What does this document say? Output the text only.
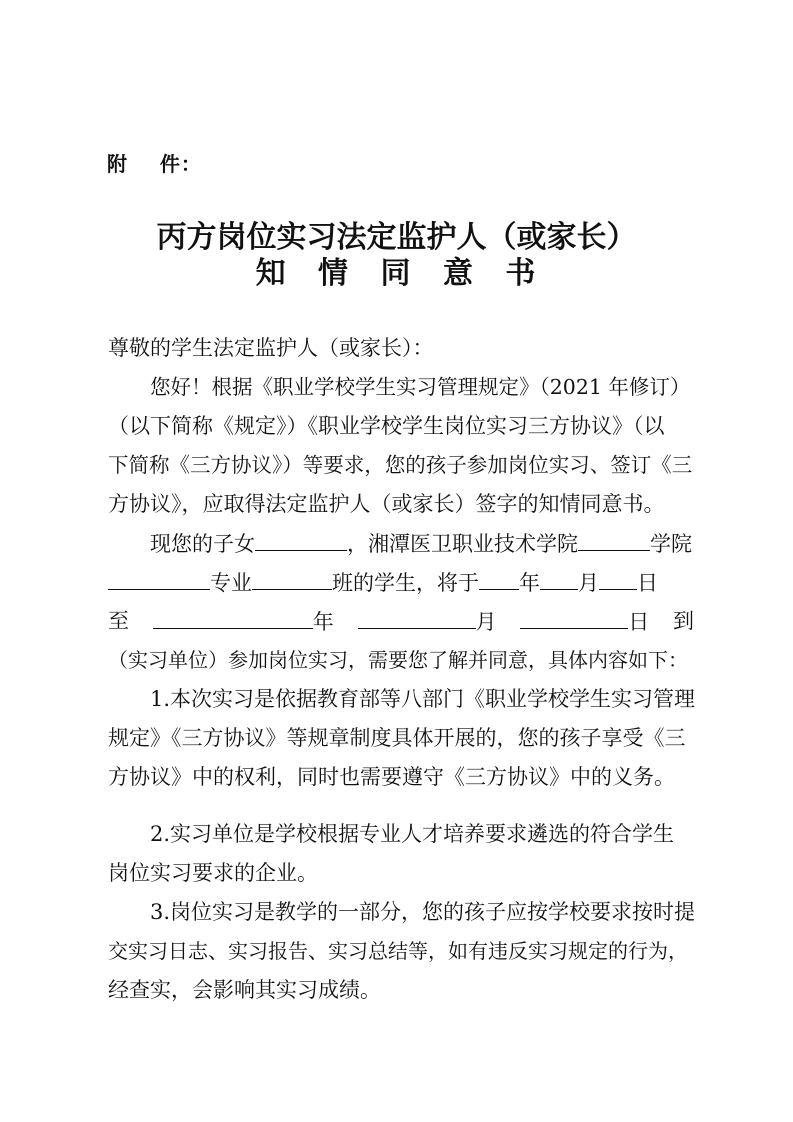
附    件：
丙方岗位实习法定监护人（或家长）
知 情 同 意 书
尊敬的学生法定监护人（或家长）：
您好！根据《职业学校学生实习管理规定》（2021 年修订）
（以下简称《规定》）《职业学校学生岗位实习三方协议》（以
下简称《三方协议》）等要求，您的孩子参加岗位实习、签订《三
方协议》，应取得法定监护人（或家长）签字的知情同意书。
现您的子女	，湘潭医卫职业技术学院	学院
专业	班的学生，将于 年 月 日
至	年	月	日 到
（实习单位）参加岗位实习，需要您了解并同意，具体内容如下：
1.本次实习是依据教育部等八部门《职业学校学生实习管理
规定》《三方协议》等规章制度具体开展的，您的孩子享受《三
方协议》中的权利，同时也需要遵守《三方协议》中的义务。
2.实习单位是学校根据专业人才培养要求遴选的符合学生
岗位实习要求的企业。
3.岗位实习是教学的一部分，您的孩子应按学校要求按时提
交实习日志、实习报告、实习总结等，如有违反实习规定的行为，
经查实，会影响其实习成绩。
